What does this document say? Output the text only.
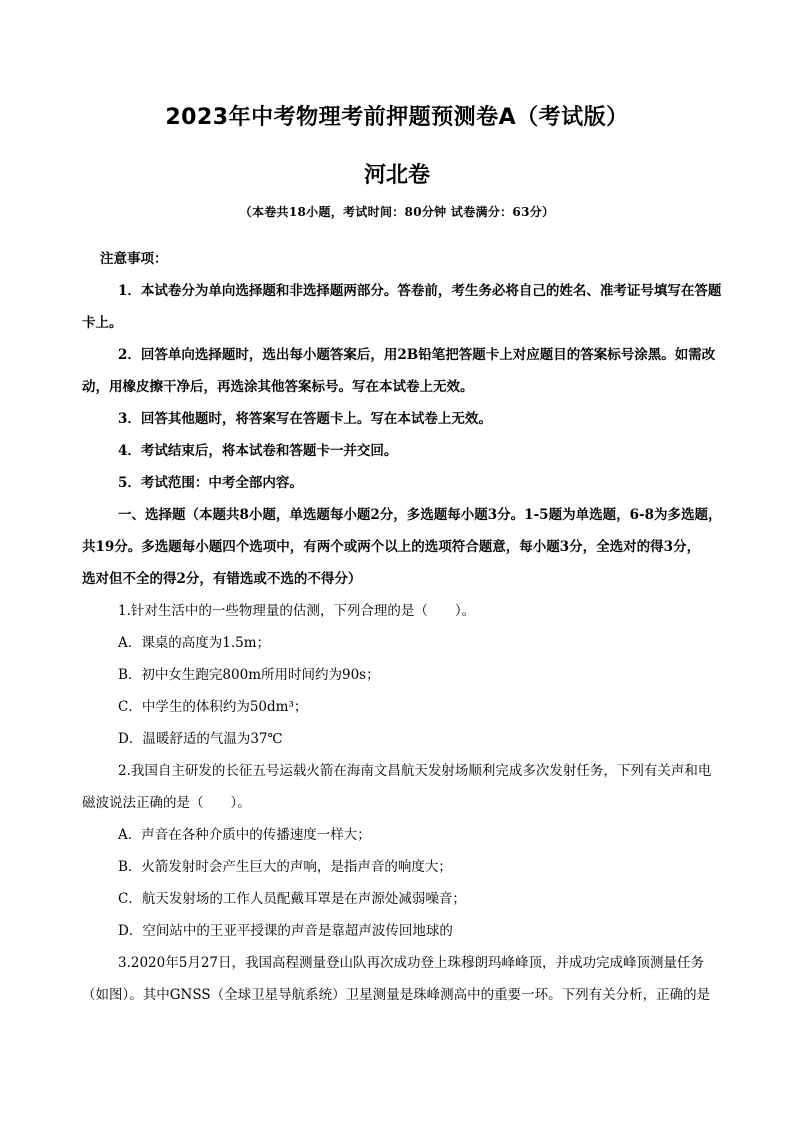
2023年中考物理考前押题预测卷A（考试版）
河北卷
（本卷共18小题，考试时间：80分钟 试卷满分：63分）
注意事项：
1．本试卷分为单向选择题和非选择题两部分。答卷前，考生务必将自己的姓名、准考证号填写在答题
卡上。
2．回答单向选择题时，选出每小题答案后，用2B铅笔把答题卡上对应题目的答案标号涂黑。如需改
动，用橡皮擦干净后，再选涂其他答案标号。写在本试卷上无效。
3．回答其他题时，将答案写在答题卡上。写在本试卷上无效。
4．考试结束后，将本试卷和答题卡一并交回。
5．考试范围：中考全部内容。
一、选择题（本题共8小题，单选题每小题2分，多选题每小题3分。1-5题为单选题，6-8为多选题，
共19分。多选题每小题四个选项中，有两个或两个以上的选项符合题意，每小题3分，全选对的得3分，
选对但不全的得2分，有错选或不选的不得分）
1.针对生活中的一些物理量的估测，下列合理的是（　　）。
A．课桌的高度为1.5m；
B．初中女生跑完800m所用时间约为90s；
C．中学生的体积约为50dm³；
D．温暖舒适的气温为37℃
2.我国自主研发的长征五号运载火箭在海南文昌航天发射场顺利完成多次发射任务，下列有关声和电
磁波说法正确的是（　　）。
A．声音在各种介质中的传播速度一样大；
B．火箭发射时会产生巨大的声响，是指声音的响度大；
C．航天发射场的工作人员配戴耳罩是在声源处减弱噪音；
D．空间站中的王亚平授课的声音是靠超声波传回地球的
3.2020年5月27日，我国高程测量登山队再次成功登上珠穆朗玛峰峰顶，并成功完成峰顶测量任务
（如图）。其中GNSS（全球卫星导航系统）卫星测量是珠峰测高中的重要一环。下列有关分析，正确的是
